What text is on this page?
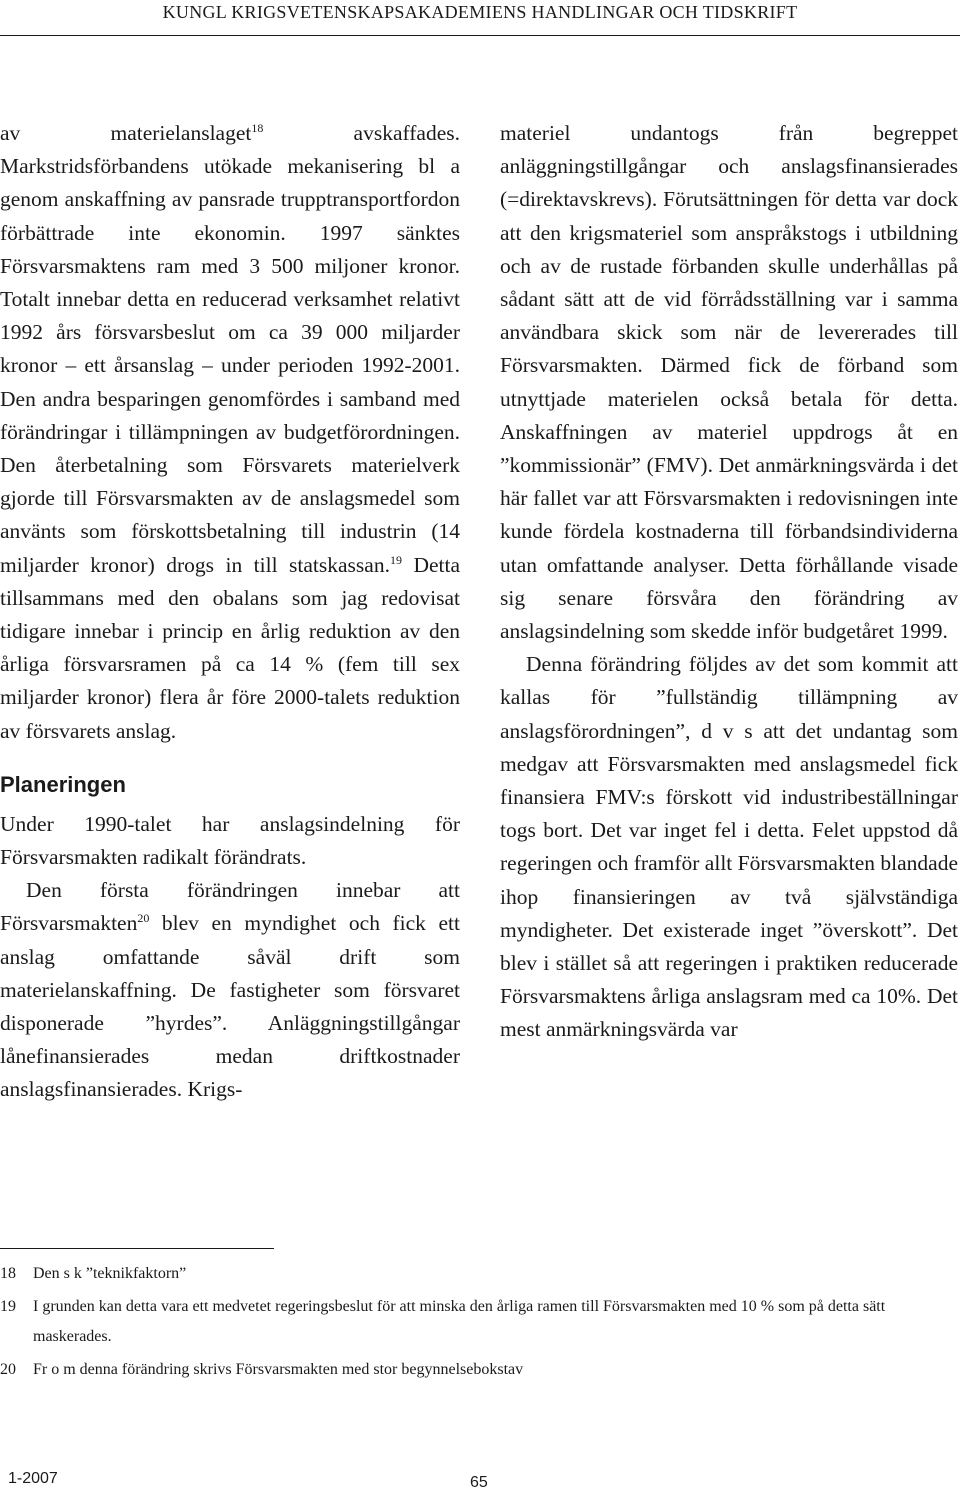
KUNGL KRIGSVETENSKAPSAKADEMIENS HANDLINGAR OCH TIDSKRIFT

av materielanslaget$^{18}$ avskaffades. Markstridsförbandens utökade mekanisering bl a genom anskaffning av pansrade trupptransportfordon förbättrade inte ekonomin. 1997 sänktes Försvarsmaktens ram med 3 500 miljoner kronor. Totalt innebar detta en reducerad verksamhet relativt 1992 års försvarsbeslut om ca 39 000 miljarder kronor – ett årsanslag – under perioden 1992-2001. Den andra besparingen genomfördes i samband med förändringar i tillämpningen av budgetförordningen. Den återbetalning som Försvarets materielverk gjorde till Försvarsmakten av de anslagsmedel som använts som förskottsbetalning till industrin (14 miljarder kronor) drogs in till statskassan.$^{19}$ Detta tillsammans med den obalans som jag redovisat tidigare innebar i princip en årlig reduktion av den årliga försvarsramen på ca 14 % (fem till sex miljarder kronor) flera år före 2000-talets reduktion av försvarets anslag.

Planeringen

Under 1990-talet har anslagsindelning för Försvarsmakten radikalt förändrats.

Den första förändringen innebar att Försvarsmakten$^{20}$ blev en myndighet och fick ett anslag omfattande såväl drift som materielanskaffning. De fastigheter som försvaret disponerade ”hyrdes”. Anläggningstillgångar lånefinansierades medan driftkostnader anslagsfinansierades. Krigs-

materiel undantogs från begreppet anläggningstillgångar och anslagsfinansierades (=direktavskrevs). Förutsättningen för detta var dock att den krigsmateriel som anspråkstogs i utbildning och av de rustade förbanden skulle underhållas på sådant sätt att de vid förrådsställning var i samma användbara skick som när de levererades till Försvarsmakten. Därmed fick de förband som utnyttjade materielen också betala för detta. Anskaffningen av materiel uppdrogs åt en ”kommissionär” (FMV). Det anmärkningsvärda i det här fallet var att Försvarsmakten i redovisningen inte kunde fördela kostnaderna till förbandsindividerna utan omfattande analyser. Detta förhållande visade sig senare försvåra den förändring av anslagsindelning som skedde inför budgetåret 1999.

Denna förändring följdes av det som kommit att kallas för ”fullständig tillämpning av anslagsförordningen”, d v s att det undantag som medgav att Försvarsmakten med anslagsmedel fick finansiera FMV:s förskott vid industribeställningar togs bort. Det var inget fel i detta. Felet uppstod då regeringen och framför allt Försvarsmakten blandade ihop finansieringen av två självständiga myndigheter. Det existerade inget ”överskott”. Det blev i stället så att regeringen i praktiken reducerade Försvarsmaktens årliga anslagsram med ca 10%. Det mest anmärkningsvärda var

18	Den s k ”teknikfaktorn”
19	I grunden kan detta vara ett medvetet regeringsbeslut för att minska den årliga ramen till Försvarsmakten med 10 % som på detta sätt maskerades.
20	Fr o m denna förändring skrivs Försvarsmakten med stor begynnelsebokstav
1-2007	65
